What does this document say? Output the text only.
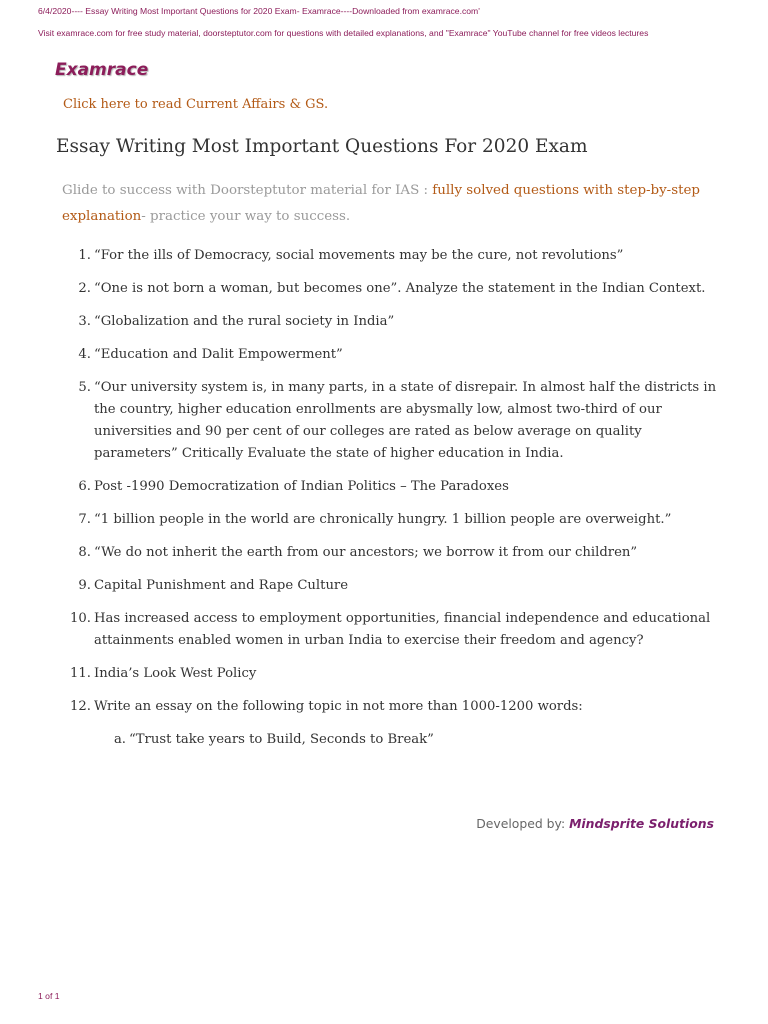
6/4/2020---- Essay Writing Most Important Questions for 2020 Exam- Examrace----Downloaded from examrace.com'
Visit examrace.com for free study material, doorsteptutor.com for questions with detailed explanations, and "Examrace" YouTube channel for free videos lectures
Examrace
Click here to read Current Affairs & GS.
Essay Writing Most Important Questions For 2020 Exam
Glide to success with Doorsteptutor material for IAS : fully solved questions with step-by-step explanation- practice your way to success.
1. “For the ills of Democracy, social movements may be the cure, not revolutions”
2. “One is not born a woman, but becomes one”. Analyze the statement in the Indian Context.
3. “Globalization and the rural society in India”
4. “Education and Dalit Empowerment”
5. “Our university system is, in many parts, in a state of disrepair. In almost half the districts in the country, higher education enrollments are abysmally low, almost two-third of our universities and 90 per cent of our colleges are rated as below average on quality parameters” Critically Evaluate the state of higher education in India.
6. Post -1990 Democratization of Indian Politics – The Paradoxes
7. “1 billion people in the world are chronically hungry. 1 billion people are overweight.”
8. “We do not inherit the earth from our ancestors; we borrow it from our children”
9. Capital Punishment and Rape Culture
10. Has increased access to employment opportunities, financial independence and educational attainments enabled women in urban India to exercise their freedom and agency?
11. India’s Look West Policy
12. Write an essay on the following topic in not more than 1000-1200 words:
a. “Trust take years to Build, Seconds to Break”
Developed by: Mindsprite Solutions
1 of 1
